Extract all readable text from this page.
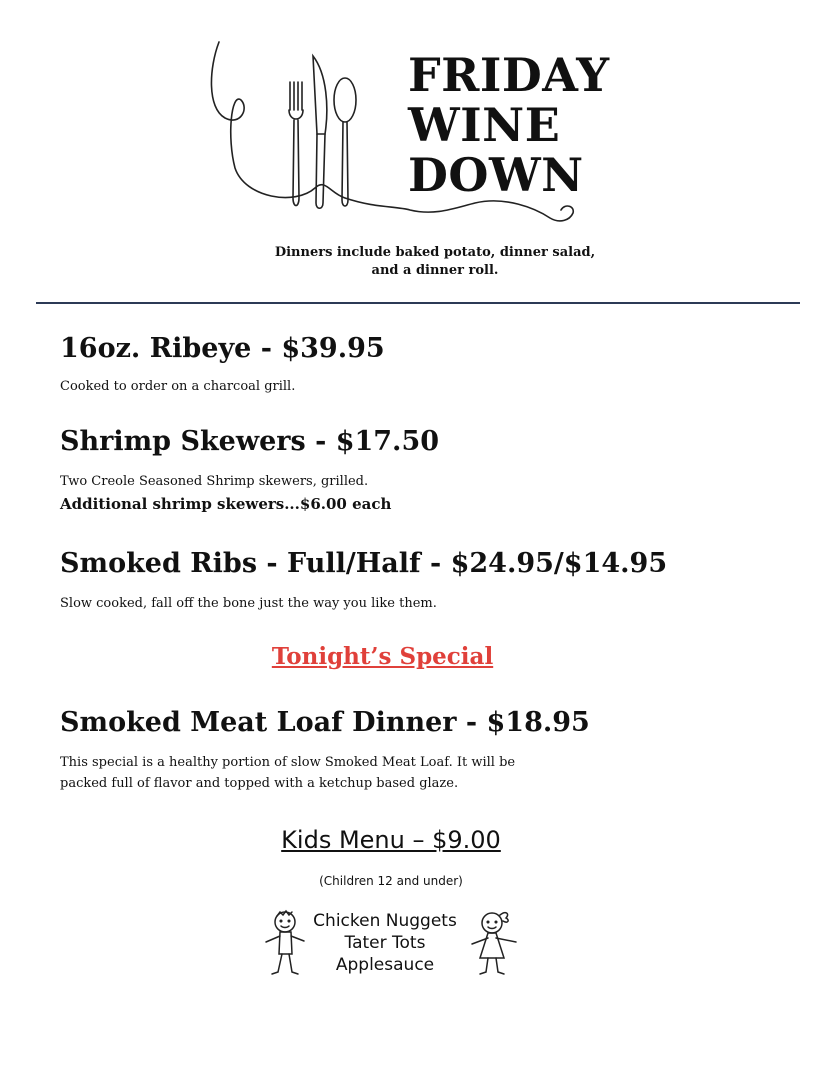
FRIDAY
WINE
DOWN

Dinners include baked potato, dinner salad, and a dinner roll.

16oz. Ribeye - $39.95

Cooked to order on a charcoal grill.

Shrimp Skewers - $17.50

Two Creole Seasoned Shrimp skewers, grilled.

Additional shrimp skewers...$6.00 each

Smoked Ribs - Full/Half - $24.95/$14.95

Slow cooked, fall off the bone just the way you like them.

Tonight’s Special

Smoked Meat Loaf Dinner - $18.95

This special is a healthy portion of slow Smoked Meat Loaf. It will be packed full of flavor and topped with a ketchup based glaze.

Kids Menu – $9.00

(Children 12 and under)

Chicken Nuggets
Tater Tots
Applesauce
